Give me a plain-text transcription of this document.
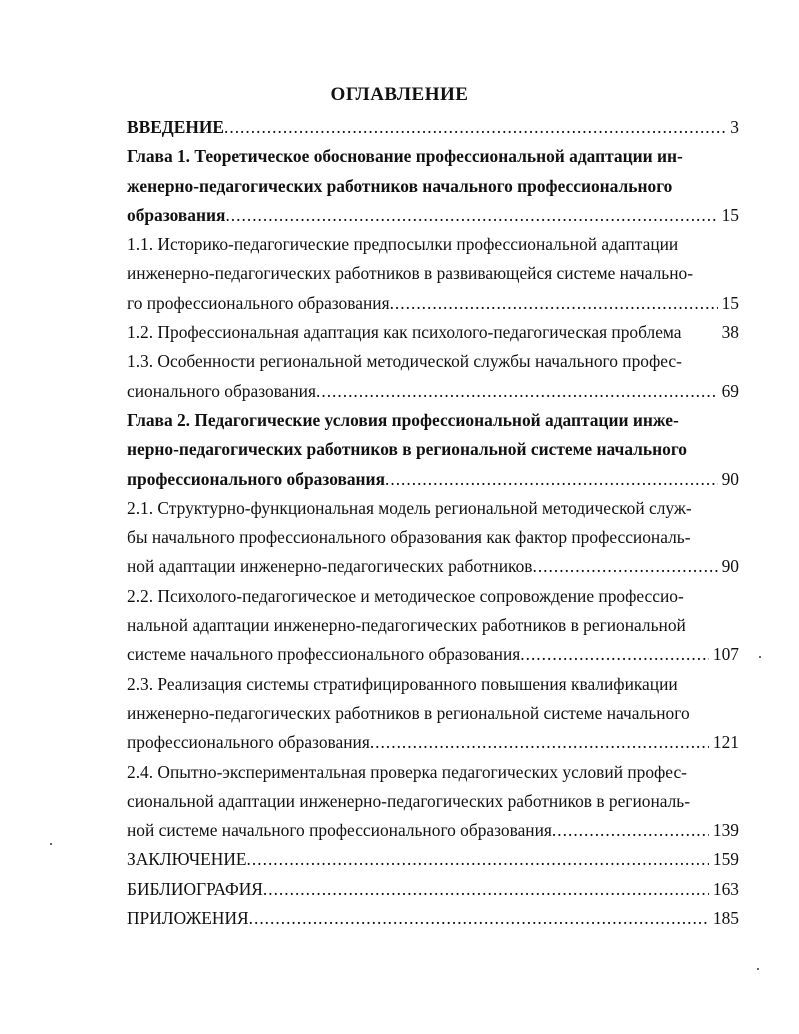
ОГЛАВЛЕНИЕ
ВВЕДЕНИЕ .....	3
Глава 1. Теоретическое обоснование профессиональной адаптации ин-
женерно-педагогических работников начального профессионального
образования .....	15
1.1. Историко-педагогические предпосылки профессиональной адаптации
инженерно-педагогических работников в развивающейся системе начально-
го профессионального образования .....	15
1.2. Профессиональная адаптация как психолого-педагогическая проблема 38
1.3. Особенности региональной методической службы начального профес-
сионального образования .....	69
Глава 2. Педагогические условия профессиональной адаптации инже-
нерно-педагогических работников в региональной системе начального
профессионального образования .....	90
2.1. Структурно-функциональная модель региональной методической служ-
бы начального профессионального образования как фактор профессиональ-
ной адаптации инженерно-педагогических работников .....	90
2.2. Психолого-педагогическое и методическое сопровождение профессио-
нальной адаптации инженерно-педагогических работников в региональной
системе начального профессионального образования .....	107
2.3. Реализация системы стратифицированного повышения квалификации
инженерно-педагогических работников в региональной системе начального
профессионального образования .....	121
2.4. Опытно-экспериментальная проверка педагогических условий профес-
сиональной адаптации инженерно-педагогических работников в региональ-
ной системе начального профессионального образования .....	139
ЗАКЛЮЧЕНИЕ .....	159
БИБЛИОГРАФИЯ .....	163
ПРИЛОЖЕНИЯ .....	185
